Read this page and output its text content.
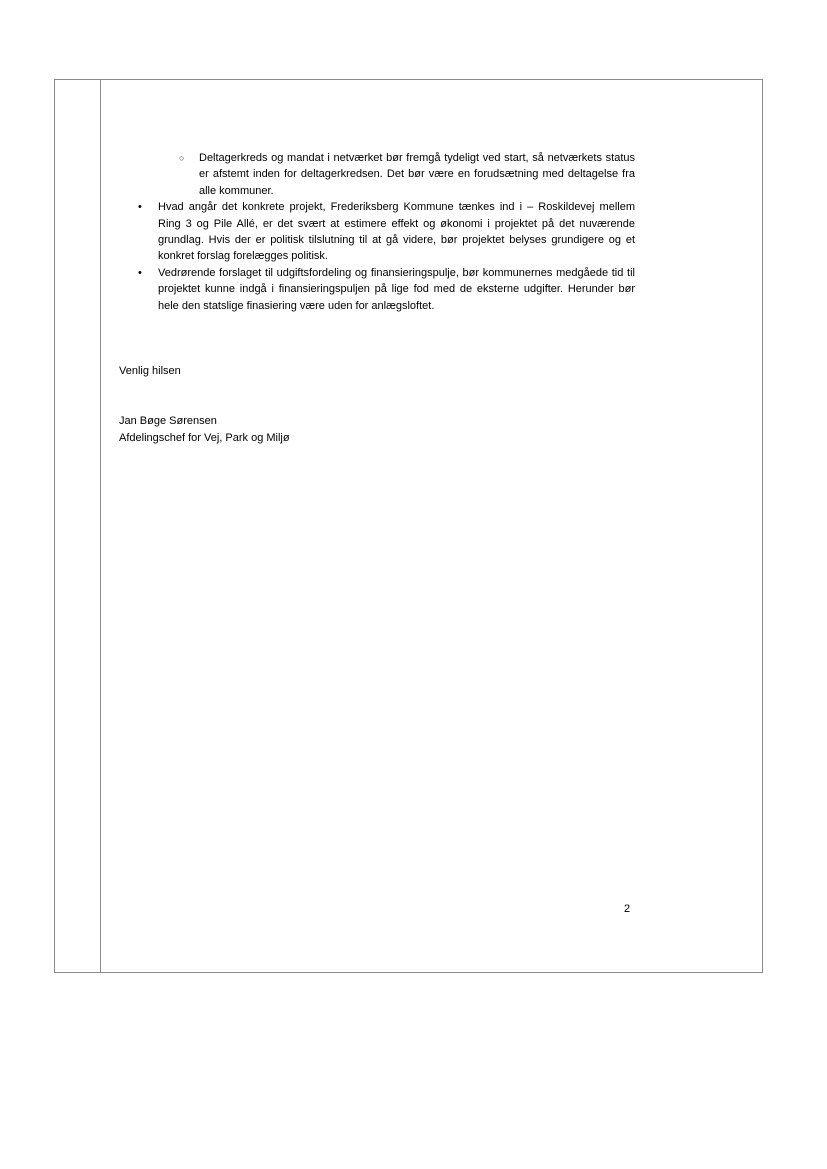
○ Deltagerkreds og mandat i netværket bør fremgå tydeligt ved start, så netværkets status er afstemt inden for deltagerkredsen. Det bør være en forudsætning med deltagelse fra alle kommuner.
• Hvad angår det konkrete projekt, Frederiksberg Kommune tænkes ind i – Roskildevej mellem Ring 3 og Pile Allé, er det svært at estimere effekt og økonomi i projektet på det nuværende grundlag. Hvis der er politisk tilslutning til at gå videre, bør projektet belyses grundigere og et konkret forslag forelægges politisk.
• Vedrørende forslaget til udgiftsfordeling og finansieringspulje, bør kommunernes medgåede tid til projektet kunne indgå i finansieringspuljen på lige fod med de eksterne udgifter. Herunder bør hele den statslige finasiering være uden for anlægsloftet.
Venlig hilsen
Jan Bøge Sørensen
Afdelingschef for Vej, Park og Miljø
2
